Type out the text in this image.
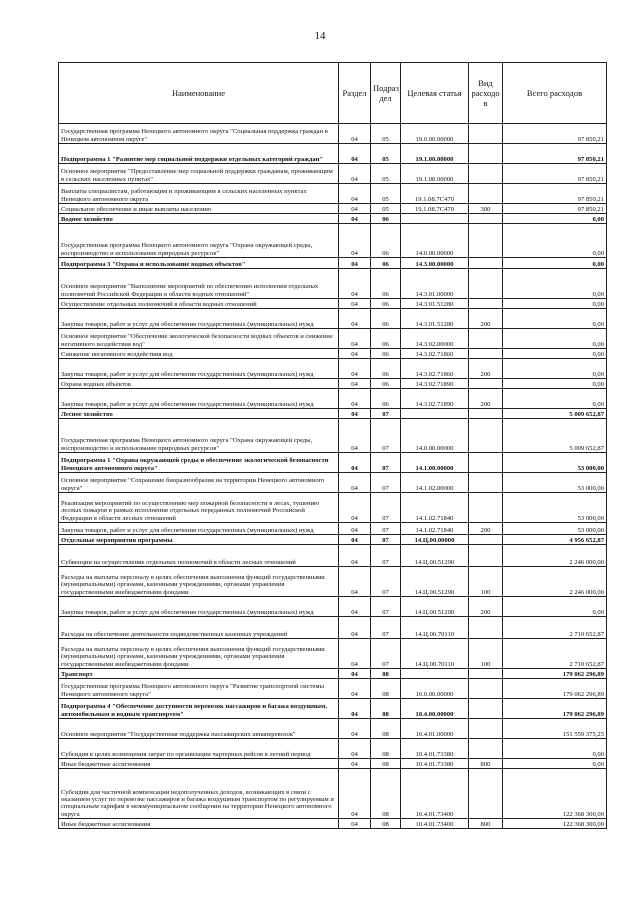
14
Наименование	Раздел	Подраз дел	Целевая статья	Вид расходо в	Всего расходов
Государственная программа Ненецкого автономного округа "Социальная поддержка граждан в Ненецком автономном округе"	04	05	19.0.00.00000		97 850,21
Подпрограмма 1 "Развитие мер социальной поддержки отдельных категорий граждан"	04	05	19.1.00.00000		97 850,21
Основное мероприятие "Предоставление мер социальной поддержки гражданам, проживающим в сельских населенных пунктах"	04	05	19.1.08.00000		97 850,21
Выплаты специалистам, работающим и проживающим в сельских населенных пунктах Ненецкого автономного округа	04	05	19.1.08.7С470		97 850,21
Социальное обеспечение и иные выплаты населению	04	05	19.1.08.7С470	300	97 850,21
Водное хозяйство	04	06			0,00
Государственная программа Ненецкого автономного округа "Охрана окружающей среды, воспроизводство и использование природных ресурсов"	04	06	14.0.00.00000		0,00
Подпрограмма 3 "Охрана и использование водных объектов"	04	06	14.3.00.00000		0,00
Основное мероприятие "Выполнение мероприятий по обеспечению исполнения отдельных полномочий Российской Федерации в области водных отношений"	04	06	14.3.01.00000		0,00
Осуществление отдельных полномочий в области водных отношений	04	06	14.3.01.51280		0,00
Закупка товаров, работ и услуг для обеспечения государственных (муниципальных) нужд	04	06	14.3.01.51280	200	0,00
Основное мероприятие "Обеспечение экологической безопасности водных объектов и снижение негативного воздействия вод"	04	06	14.3.02.00000		0,00
Снижение негативного воздействия вод	04	06	14.3.02.71860		0,00
Закупка товаров, работ и услуг для обеспечения государственных (муниципальных) нужд	04	06	14.3.02.71860	200	0,00
Охрана водных объектов	04	06	14.3.02.71890		0,00
Закупка товаров, работ и услуг для обеспечения государственных (муниципальных) нужд	04	06	14.3.02.71890	200	0,00
Лесное хозяйство	04	07			5 009 652,87
Государственная программа Ненецкого автономного округа "Охрана окружающей среды, воспроизводство и использование природных ресурсов"	04	07	14.0.00.00000		5 009 652,87
Подпрограмма 1 "Охрана окружающей среды и обеспечение экологической безопасности Ненецкого автономного округа"	04	07	14.1.00.00000		53 000,00
Основное мероприятие "Сохранение биоразнообразия на территории Ненецкого автономного округа"	04	07	14.1.02.00000		53 000,00
Реализация мероприятий по осуществлению мер пожарной безопасности в лесах, тушению лесных пожаров в рамках исполнения отдельных переданных полномочий Российской Федерации в области лесных отношений	04	07	14.1.02.71840		53 000,00
Закупка товаров, работ и услуг для обеспечения государственных (муниципальных) нужд	04	07	14.1.02.71840	200	53 000,00
Отдельные мероприятия программы	04	07	14.Ц.00.00000		4 956 652,87
Субвенции на осуществление отдельных полномочий в области лесных отношений	04	07	14.Ц.00.51290		2 246 000,00
Расходы на выплаты персоналу в целях обеспечения выполнения функций государственными (муниципальными) органами, казенными учреждениями, органами управления государственными внебюджетными фондами	04	07	14.Ц.00.51290	100	2 246 000,00
Закупка товаров, работ и услуг для обеспечения государственных (муниципальных) нужд	04	07	14.Ц.00.51290	200	0,00
Расходы на обеспечение деятельности подведомственных казенных учреждений	04	07	14.Ц.00.70110		2 710 652,87
Расходы на выплаты персоналу в целях обеспечения выполнения функций государственными (муниципальными) органами, казенными учреждениями, органами управления государственными внебюджетными фондами	04	07	14.Ц.00.70110	100	2 710 652,87
Транспорт	04	08			179 062 296,89
Государственная программа Ненецкого автономного округа "Развитие транспортной системы Ненецкого автономного округа"	04	08	10.0.00.00000		179 062 296,89
Подпрограмма 4 "Обеспечение доступности перевозок пассажиров и багажа воздушным, автомобильным и водным транспортом"	04	08	10.4.00.00000		179 062 296,89
Основное мероприятие "Государственная поддержка пассажирских авиаперевозок"	04	08	10.4.01.00000		151 559 375,25
Субсидия в целях возмещения затрат по организации чартерных рейсов в летний период	04	08	10.4.01.73380		0,00
Иные бюджетные ассигнования	04	08	10.4.01.73380	800	0,00
Субсидии для частичной компенсации недополученных доходов, возникающих в связи с оказанием услуг по перевозке пассажиров и багажа воздушным транспортом по регулируемым и специальным тарифам в межмуниципальном сообщении на территории Ненецкого автономного округа	04	08	10.4.01.73400		122 368 300,00
Иные бюджетные ассигнования	04	08	10.4.01.73400	800	122 368 300,00
